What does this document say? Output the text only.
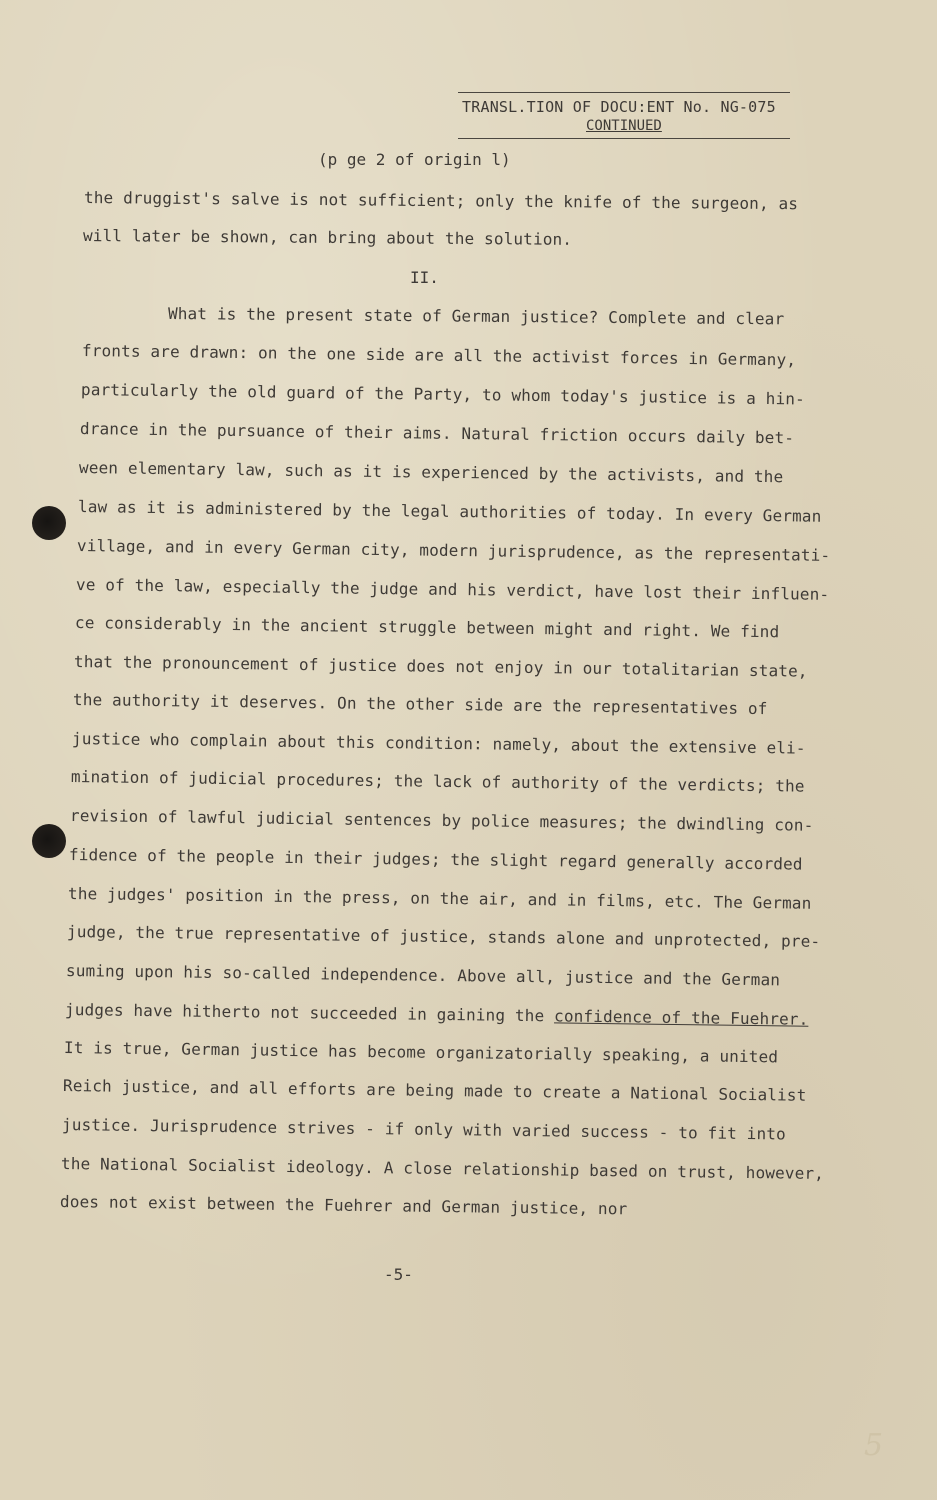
TRANSL.TION OF DOCU:ENT No. NG-075
CONTINUED
(p ge 2 of origin l)
the druggist's salve is not sufficient; only the knife of the surgeon, as
will later be shown, can bring about the solution.
II.
What is the present state of German justice? Complete and clear
fronts are drawn: on the one side are all the activist forces in Germany,
particularly the old guard of the Party, to whom today's justice is a hin-
drance in the pursuance of their aims. Natural friction occurs daily bet-
ween elementary law, such as it is experienced by the activists, and the
law as it is administered by the legal authorities of today. In every German
village, and in every German city, modern jurisprudence, as the representati-
ve of the law, especially the judge and his verdict, have lost their influen-
ce considerably in the ancient struggle between might and right. We find
that the pronouncement of justice does not enjoy in our totalitarian state,
the authority it deserves. On the other side are the representatives of
justice who complain about this condition: namely, about the extensive eli-
mination of judicial procedures; the lack of authority of the verdicts; the
revision of lawful judicial sentences by police measures; the dwindling con-
fidence of the people in their judges; the slight regard generally accorded
the judges' position in the press, on the air, and in films, etc. The German
judge, the true representative of justice, stands alone and unprotected, pre-
suming upon his so-called independence. Above all, justice and the German
judges have hitherto not succeeded in gaining the confidence of the Fuehrer.
It is true, German justice has become organizatorially speaking, a united
Reich justice, and all efforts are being made to create a National Socialist
justice. Jurisprudence strives - if only with varied success - to fit into
the National Socialist ideology. A close relationship based on trust, however,
does not exist between the Fuehrer and German justice, nor
-5-
5
